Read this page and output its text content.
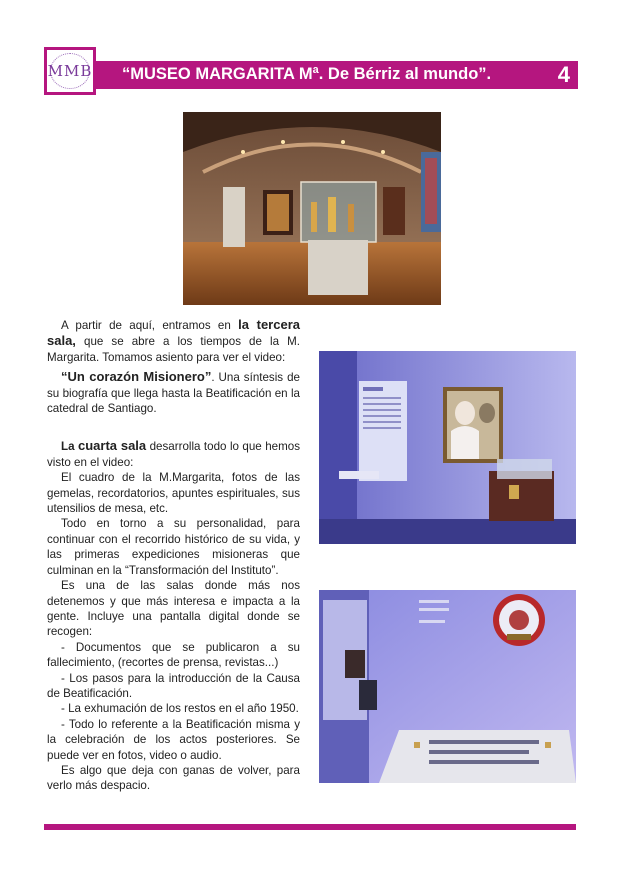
MMB “MUSEO MARGARITA Mª. De Bérriz al mundo”.	4

A partir de aquí, entramos en la tercera sala, que se abre a los tiempos de la M. Margarita. Tomamos asiento para ver el video:

“Un corazón Misionero”. Una síntesis de su biografía que llega hasta la Beatificación en la catedral de Santiago.

La cuarta sala desarrolla todo lo que hemos visto en el video:

El cuadro de la M.Margarita, fotos de las gemelas, recordatorios, apuntes espirituales, sus utensilios de mesa, etc.

Todo en torno a su personalidad, para continuar con el recorrido histórico de su vida, y las primeras expediciones misioneras que culminan en la “Transformación del Instituto”.

Es una de las salas donde más nos detenemos y que más interesa e impacta a la gente. Incluye una pantalla digital donde se recogen:

- Documentos que se publicaron a su fallecimiento, (recortes de prensa, revistas...)

- Los pasos para la introducción de la Causa de Beatificación.

- La exhumación de los restos en el año 1950.

- Todo lo referente a la Beatificación misma y la celebración de los actos posteriores. Se puede ver en fotos, video o audio.

Es algo que deja con ganas de volver, para verlo más despacio.
